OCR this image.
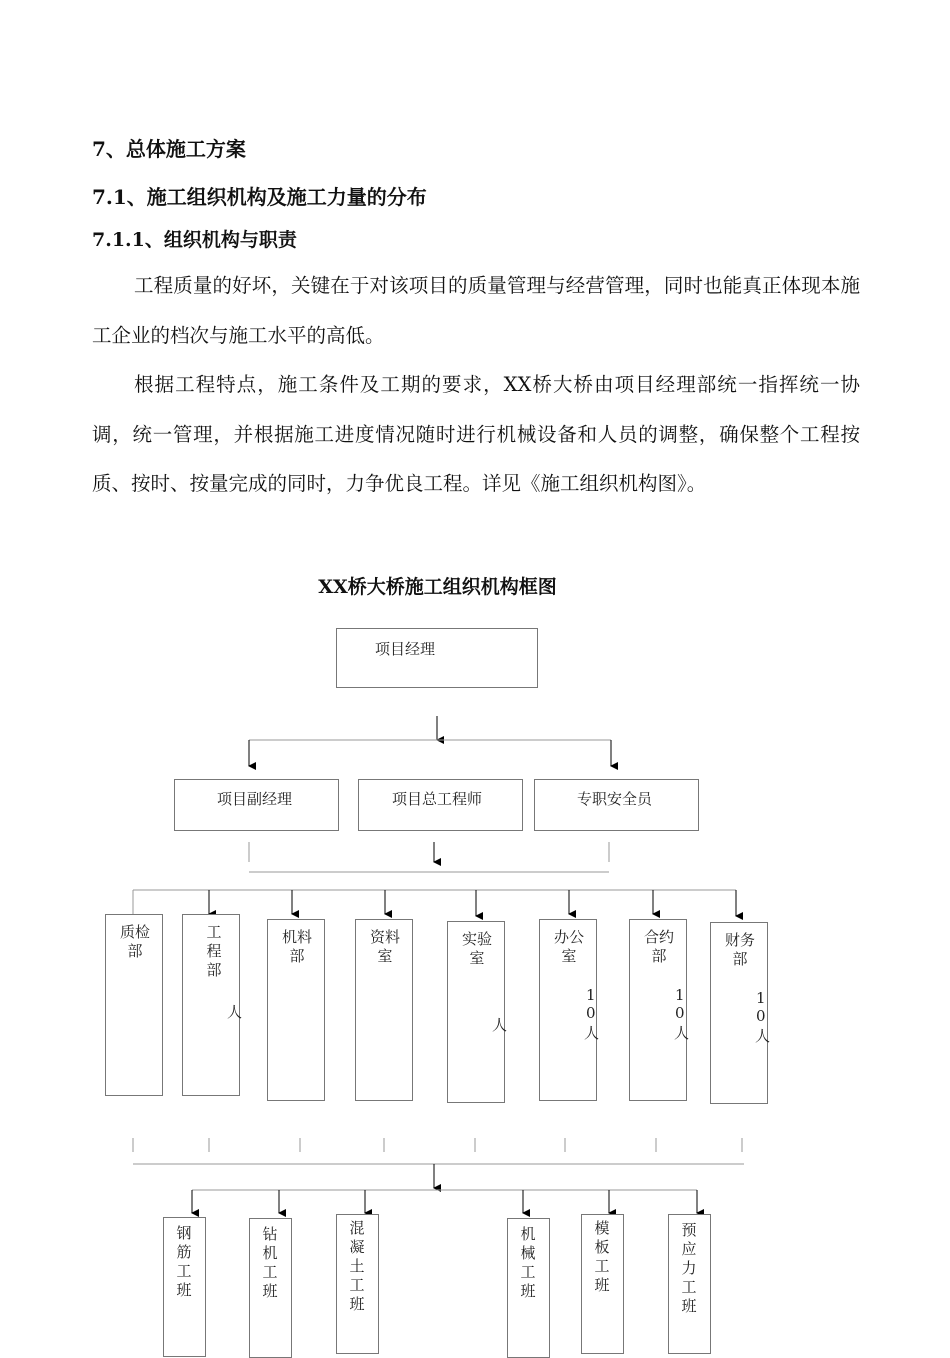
7、总体施工方案
7.1、施工组织机构及施工力量的分布
7.1.1、组织机构与职责

工程质量的好坏，关键在于对该项目的质量管理与经营管理，同时也能真正体现本施工企业的档次与施工水平的高低。

根据工程特点，施工条件及工期的要求，XX桥大桥由项目经理部统一指挥统一协调，统一管理，并根据施工进度情况随时进行机械设备和人员的调整，确保整个工程按质、按时、按量完成的同时，力争优良工程。详见《施工组织机构图》。

XX桥大桥施工组织机构框图
项目经理
项目副经理	项目总工程师	专职安全员
质检部
工程部
人
机料部
资料室
实验室
人
办公室
1
0
人
合约部
1
0
人
财务部
1
0
人
钢筋工班
钻机工班
混凝土工班
机械工班
模板工班
预应力工班
